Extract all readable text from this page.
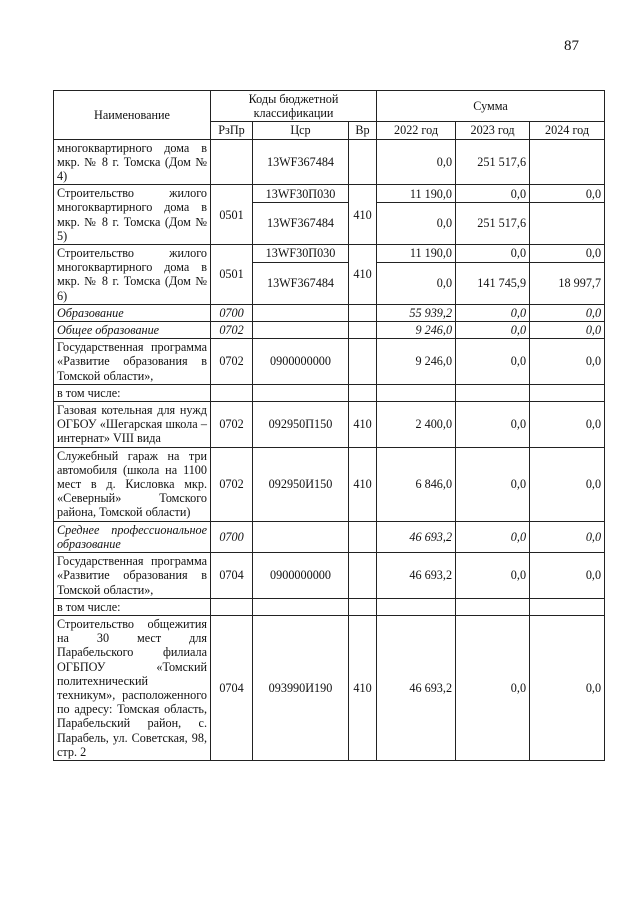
87
Наименование	Коды бюджетной классификации			Сумма		
	РзПр	Цср	Вр	2022 год	2023 год	2024 год
многоквартирного дома в мкр. № 8 г. Томска (Дом № 4)		13WF367484		0,0	251 517,6	
Строительство жилого многоквартирного дома в мкр. № 8 г. Томска (Дом № 5)	0501	13WF30П030	410	11 190,0	0,0	0,0
		13WF367484		0,0	251 517,6	
Строительство жилого многоквартирного дома в мкр. № 8 г. Томска (Дом № 6)	0501	13WF30П030	410	11 190,0	0,0	0,0
		13WF367484		0,0	141 745,9	18 997,7
Образование	0700			55 939,2	0,0	0,0
Общее образование	0702			9 246,0	0,0	0,0
Государственная программа «Развитие образования в Томской области»,	0702	0900000000		9 246,0	0,0	0,0
в том числе:						
Газовая котельная для нужд ОГБОУ «Шегарская школа – интернат» VIII вида	0702	092950П150	410	2 400,0	0,0	0,0
Служебный гараж на три автомобиля (школа на 1100 мест в д. Кисловка мкр. «Северный» Томского района, Томской области)	0702	092950И150	410	6 846,0	0,0	0,0
Среднее профессиональное образование	0700			46 693,2	0,0	0,0
Государственная программа «Развитие образования в Томской области»,	0704	0900000000		46 693,2	0,0	0,0
в том числе:						
Строительство общежития на 30 мест для Парабельского филиала ОГБПОУ «Томский политехнический техникум», расположенного по адресу: Томская область, Парабельский район, с. Парабель, ул. Советская, 98, стр. 2	0704	093990И190	410	46 693,2	0,0	0,0
